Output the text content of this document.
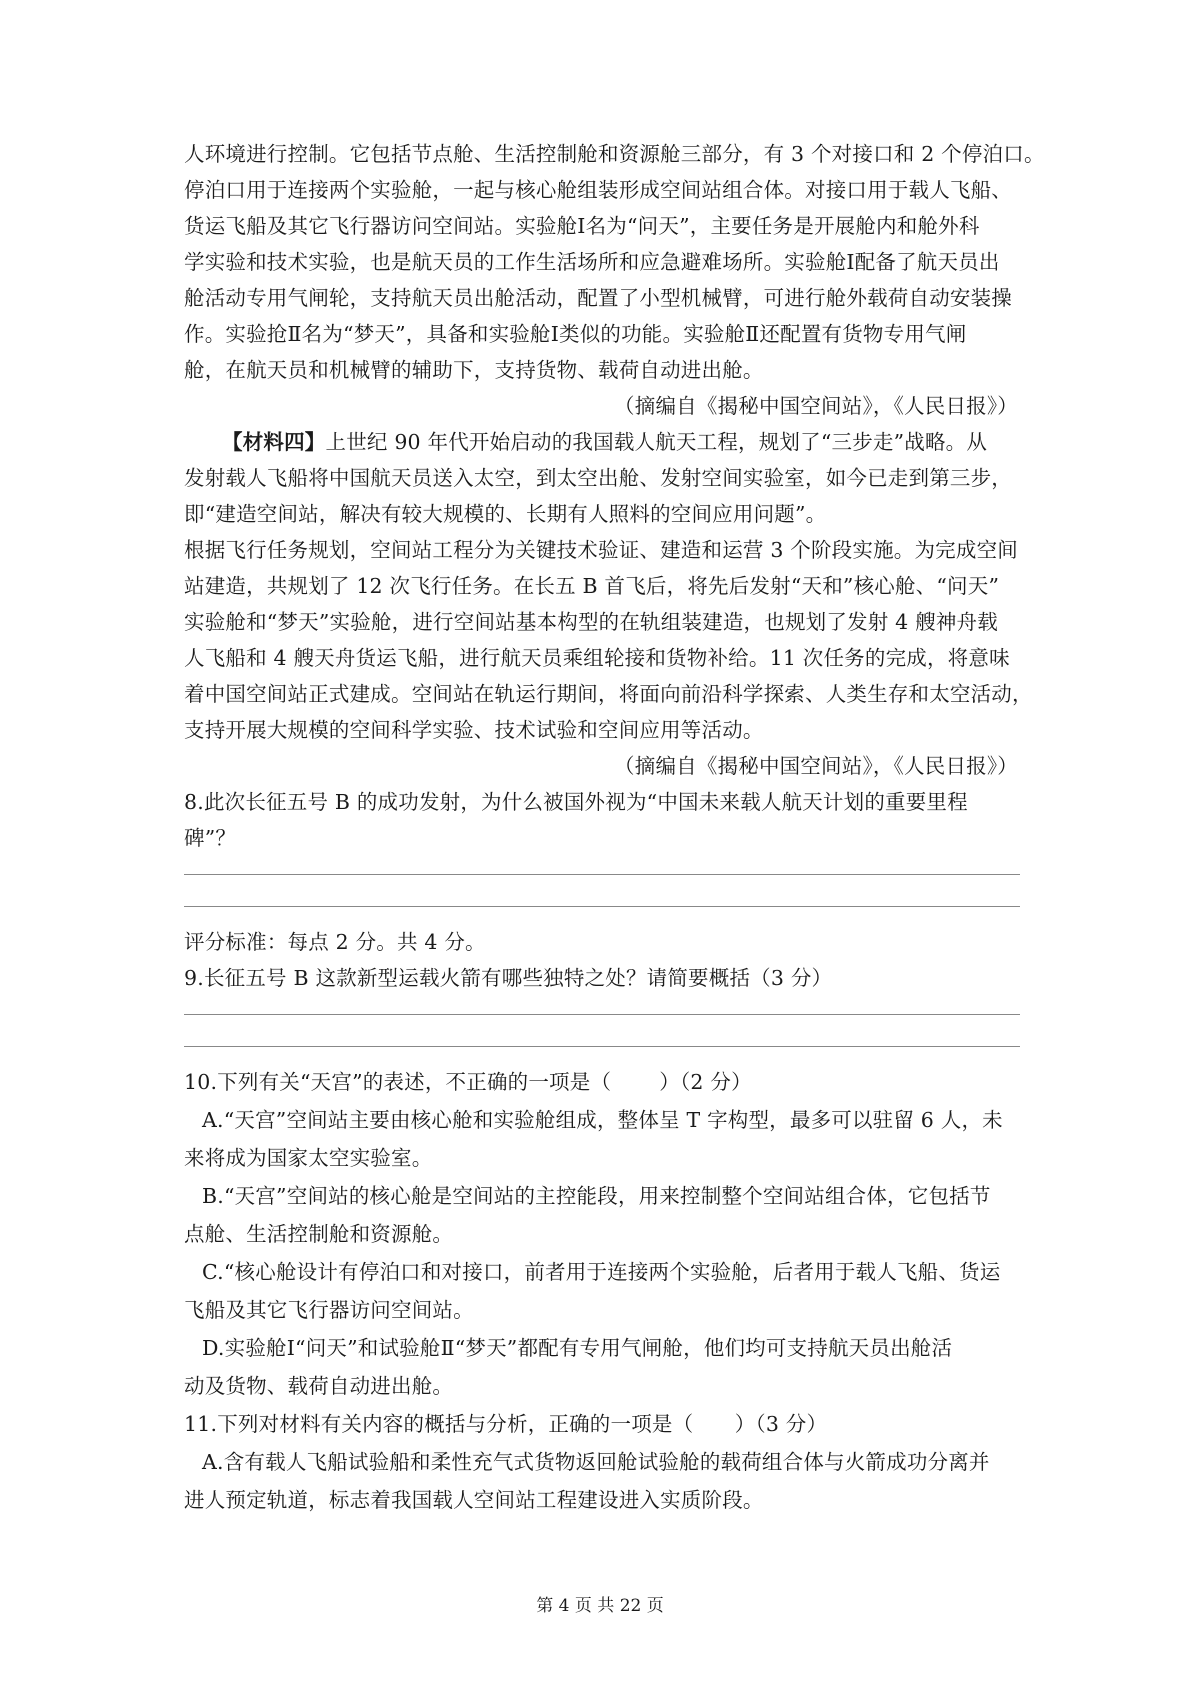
人环境进行控制。它包括节点舱、生活控制舱和资源舱三部分，有 3 个对接口和 2 个停泊口。
停泊口用于连接两个实验舱，一起与核心舱组装形成空间站组合体。对接口用于载人飞船、
货运飞船及其它飞行器访问空间站。实验舱Ⅰ名为“问天”，主要任务是开展舱内和舱外科
学实验和技术实验，也是航天员的工作生活场所和应急避难场所。实验舱Ⅰ配备了航天员出
舱活动专用气闸轮，支持航天员出舱活动，配置了小型机械臂，可进行舱外载荷自动安装操
作。实验抢Ⅱ名为“梦天”，具备和实验舱Ⅰ类似的功能。实验舱Ⅱ还配置有货物专用气闸
舱，在航天员和机械臂的辅助下，支持货物、载荷自动进出舱。
（摘编自《揭秘中国空间站》，《人民日报》）
【材料四】上世纪 90 年代开始启动的我国载人航天工程，规划了“三步走”战略。从
发射载人飞船将中国航天员送入太空，到太空出舱、发射空间实验室，如今已走到第三步，
即“建造空间站，解决有较大规模的、长期有人照料的空间应用问题”。
根据飞行任务规划，空间站工程分为关键技术验证、建造和运营 3 个阶段实施。为完成空间
站建造，共规划了 12 次飞行任务。在长五 B 首飞后，将先后发射“天和”核心舱、“问天”
实验舱和“梦天”实验舱，进行空间站基本构型的在轨组装建造，也规划了发射 4 艘神舟载
人飞船和 4 艘天舟货运飞船，进行航天员乘组轮接和货物补给。11 次任务的完成，将意味
着中国空间站正式建成。空间站在轨运行期间，将面向前沿科学探索、人类生存和太空活动，
支持开展大规模的空间科学实验、技术试验和空间应用等活动。
（摘编自《揭秘中国空间站》，《人民日报》）
8.此次长征五号 B 的成功发射，为什么被国外视为“中国未来载人航天计划的重要里程
碑”？
评分标准：每点 2 分。共 4 分。
9.长征五号 B 这款新型运载火箭有哪些独特之处？请简要概括（3 分）
10.下列有关“天宫”的表述，不正确的一项是（　　 ）（2 分）
A.“天宫”空间站主要由核心舱和实验舱组成，整体呈 T 字构型，最多可以驻留 6 人，未
来将成为国家太空实验室。
B.“天宫”空间站的核心舱是空间站的主控能段，用来控制整个空间站组合体，它包括节
点舱、生活控制舱和资源舱。
C.“核心舱设计有停泊口和对接口，前者用于连接两个实验舱，后者用于载人飞船、货运
飞船及其它飞行器访问空间站。
D.实验舱Ⅰ“问天”和试验舱Ⅱ“梦天”都配有专用气闸舱，他们均可支持航天员出舱活
动及货物、载荷自动进出舱。
11.下列对材料有关内容的概括与分析，正确的一项是（　　）（3 分）
A.含有载人飞船试验船和柔性充气式货物返回舱试验舱的载荷组合体与火箭成功分离并
进人预定轨道，标志着我国载人空间站工程建设进入实质阶段。
第 4 页 共 22 页
